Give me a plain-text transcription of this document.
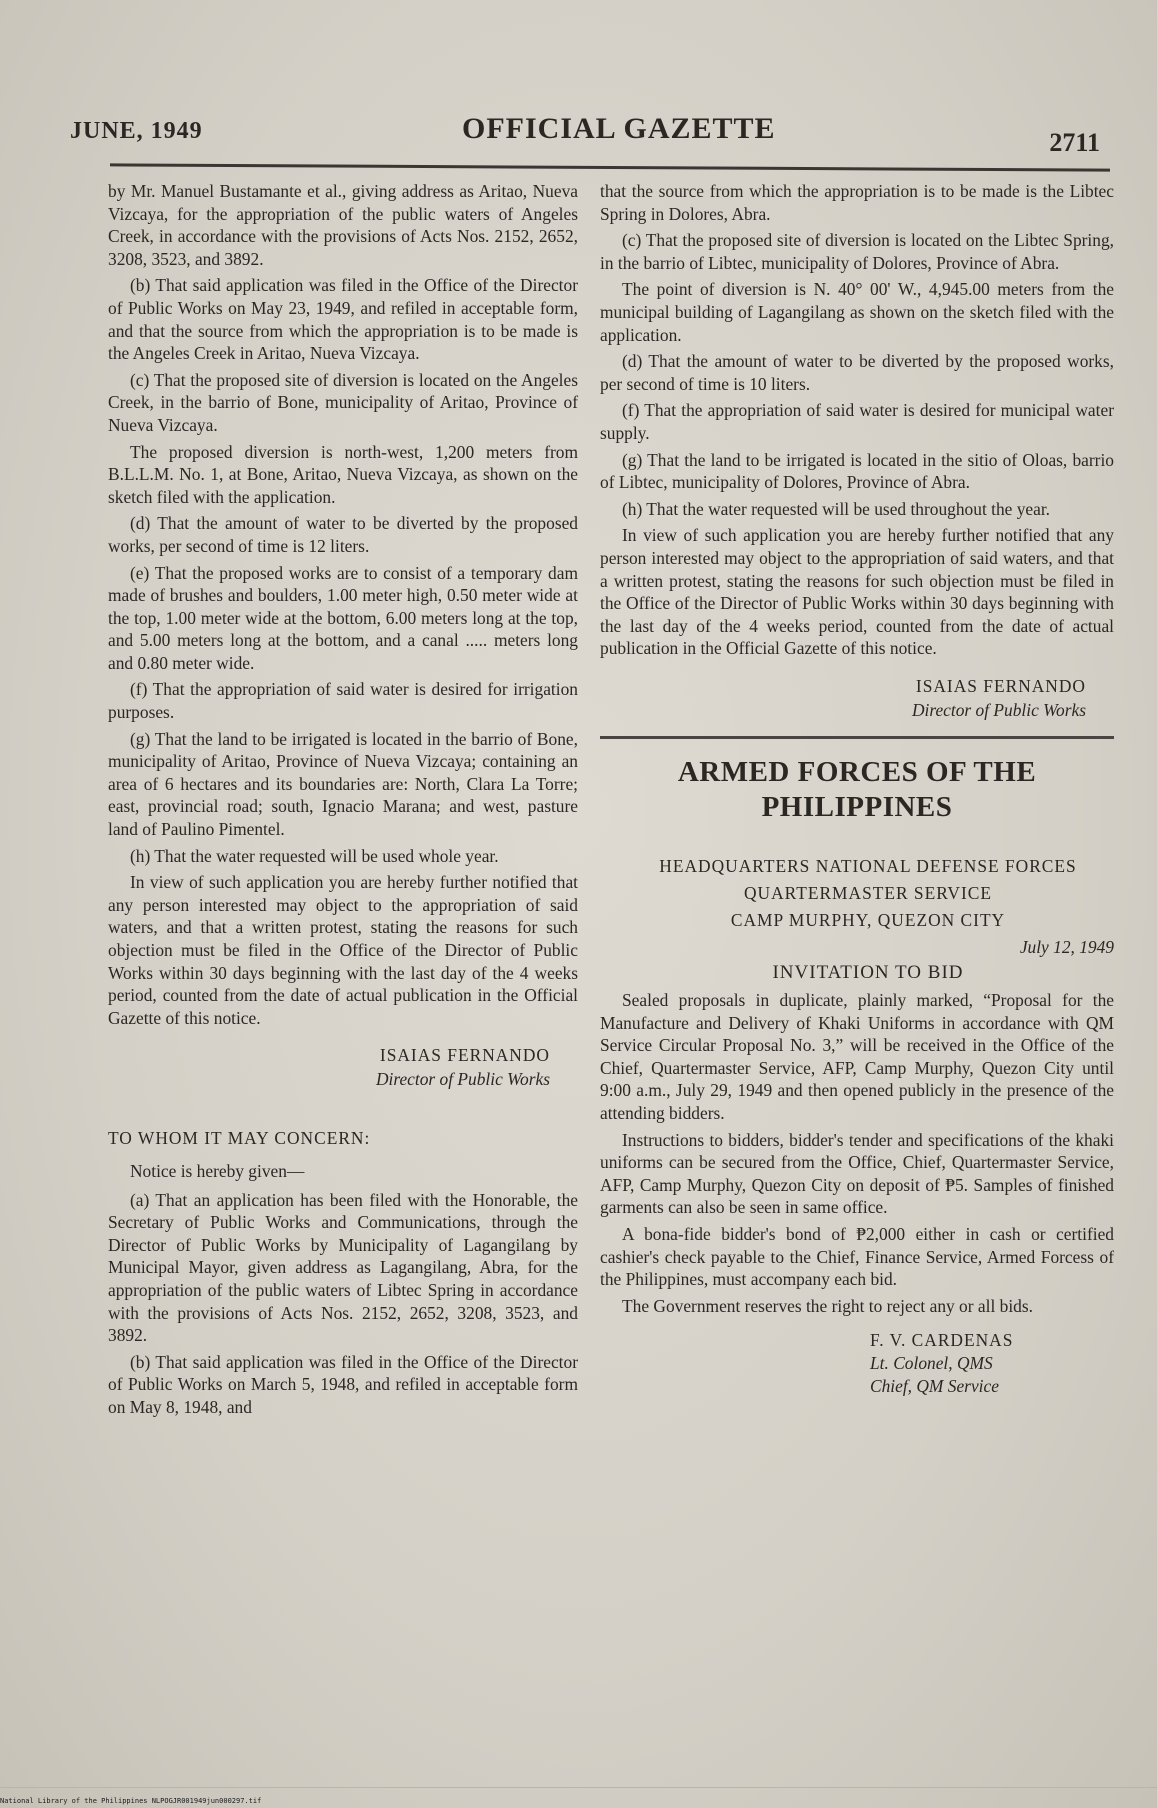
JUNE, 1949	OFFICIAL GAZETTE	2711

by Mr. Manuel Bustamante et al., giving address as Aritao, Nueva Vizcaya, for the appropriation of the public waters of Angeles Creek, in accordance with the provisions of Acts Nos. 2152, 2652, 3208, 3523, and 3892.

(b) That said application was filed in the Office of the Director of Public Works on May 23, 1949, and refiled in acceptable form, and that the source from which the appropriation is to be made is the Angeles Creek in Aritao, Nueva Vizcaya.

(c) That the proposed site of diversion is located on the Angeles Creek, in the barrio of Bone, municipality of Aritao, Province of Nueva Vizcaya.

The proposed diversion is north-west, 1,200 meters from B.L.L.M. No. 1, at Bone, Aritao, Nueva Vizcaya, as shown on the sketch filed with the application.

(d) That the amount of water to be diverted by the proposed works, per second of time is 12 liters.

(e) That the proposed works are to consist of a temporary dam made of brushes and boulders, 1.00 meter high, 0.50 meter wide at the top, 1.00 meter wide at the bottom, 6.00 meters long at the top, and 5.00 meters long at the bottom, and a canal ..... meters long and 0.80 meter wide.

(f) That the appropriation of said water is desired for irrigation purposes.

(g) That the land to be irrigated is located in the barrio of Bone, municipality of Aritao, Province of Nueva Vizcaya; containing an area of 6 hectares and its boundaries are: North, Clara La Torre; east, provincial road; south, Ignacio Marana; and west, pasture land of Paulino Pimentel.

(h) That the water requested will be used whole year.

In view of such application you are hereby further notified that any person interested may object to the appropriation of said waters, and that a written protest, stating the reasons for such objection must be filed in the Office of the Director of Public Works within 30 days beginning with the last day of the 4 weeks period, counted from the date of actual publication in the Official Gazette of this notice.

ISAIAS FERNANDO
Director of Public Works

TO WHOM IT MAY CONCERN:

Notice is hereby given—

(a) That an application has been filed with the Honorable, the Secretary of Public Works and Communications, through the Director of Public Works by Municipality of Lagangilang by Municipal Mayor, given address as Lagangilang, Abra, for the appropriation of the public waters of Libtec Spring in accordance with the provisions of Acts Nos. 2152, 2652, 3208, 3523, and 3892.

(b) That said application was filed in the Office of the Director of Public Works on March 5, 1948, and refiled in acceptable form on May 8, 1948, and

that the source from which the appropriation is to be made is the Libtec Spring in Dolores, Abra.

(c) That the proposed site of diversion is located on the Libtec Spring, in the barrio of Libtec, municipality of Dolores, Province of Abra.

The point of diversion is N. 40° 00' W., 4,945.00 meters from the municipal building of Lagangilang as shown on the sketch filed with the application.

(d) That the amount of water to be diverted by the proposed works, per second of time is 10 liters.

(f) That the appropriation of said water is desired for municipal water supply.

(g) That the land to be irrigated is located in the sitio of Oloas, barrio of Libtec, municipality of Dolores, Province of Abra.

(h) That the water requested will be used throughout the year.

In view of such application you are hereby further notified that any person interested may object to the appropriation of said waters, and that a written protest, stating the reasons for such objection must be filed in the Office of the Director of Public Works within 30 days beginning with the last day of the 4 weeks period, counted from the date of actual publication in the Official Gazette of this notice.

ISAIAS FERNANDO
Director of Public Works
ARMED FORCES OF THE PHILIPPINES

HEADQUARTERS NATIONAL DEFENSE FORCES

QUARTERMASTER SERVICE

CAMP MURPHY, QUEZON CITY

July 12, 1949

INVITATION TO BID

Sealed proposals in duplicate, plainly marked, “Proposal for the Manufacture and Delivery of Khaki Uniforms in accordance with QM Service Circular Proposal No. 3,” will be received in the Office of the Chief, Quartermaster Service, AFP, Camp Murphy, Quezon City until 9:00 a.m., July 29, 1949 and then opened publicly in the presence of the attending bidders.

Instructions to bidders, bidder's tender and specifications of the khaki uniforms can be secured from the Office, Chief, Quartermaster Service, AFP, Camp Murphy, Quezon City on deposit of ₱5. Samples of finished garments can also be seen in same office.

A bona-fide bidder's bond of ₱2,000 either in cash or certified cashier's check payable to the Chief, Finance Service, Armed Forcess of the Philippines, must accompany each bid.

The Government reserves the right to reject any or all bids.

F. V. CARDENAS
Lt. Colonel, QMS
Chief, QM Service
National Library of the Philippines NLPOGJR001949jun000297.tif
